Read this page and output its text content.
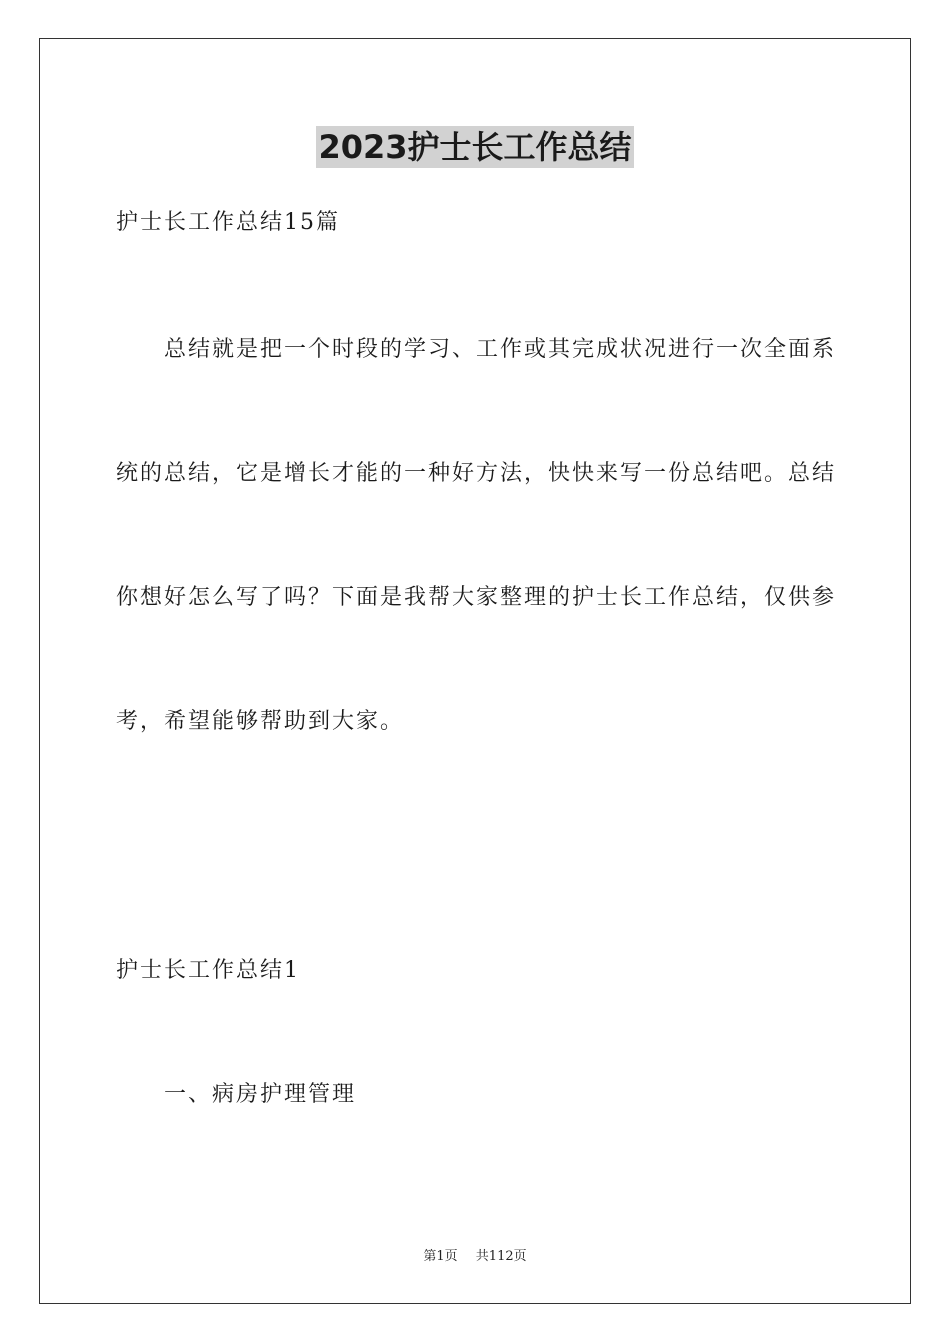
2023护士长工作总结
护士长工作总结15篇
总结就是把一个时段的学习、工作或其完成状况进行一次全面系
统的总结，它是增长才能的一种好方法，快快来写一份总结吧。总结
你想好怎么写了吗？下面是我帮大家整理的护士长工作总结，仅供参
考，希望能够帮助到大家。
护士长工作总结1
一、病房护理管理
第1页 共112页
